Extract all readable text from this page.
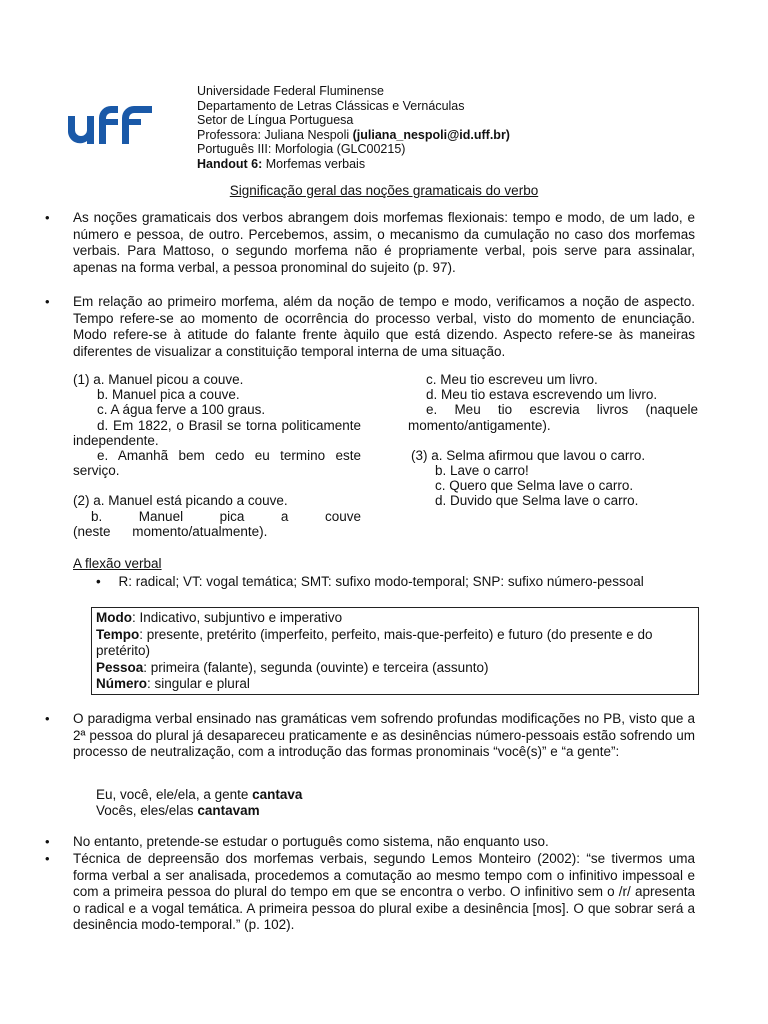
Universidade Federal Fluminense
Departamento de Letras Clássicas e Vernáculas
Setor de Língua Portuguesa
Professora: Juliana Nespoli (juliana_nespoli@id.uff.br)
Português III: Morfologia (GLC00215)
Handout 6: Morfemas verbais
Significação geral das noções gramaticais do verbo
• As noções gramaticais dos verbos abrangem dois morfemas flexionais: tempo e modo, de um lado, e número e pessoa, de outro. Percebemos, assim, o mecanismo da cumulação no caso dos morfemas verbais. Para Mattoso, o segundo morfema não é propriamente verbal, pois serve para assinalar, apenas na forma verbal, a pessoa pronominal do sujeito (p. 97).
• Em relação ao primeiro morfema, além da noção de tempo e modo, verificamos a noção de aspecto. Tempo refere-se ao momento de ocorrência do processo verbal, visto do momento de enunciação. Modo refere-se à atitude do falante frente àquilo que está dizendo. Aspecto refere-se às maneiras diferentes de visualizar a constituição temporal interna de uma situação.
(1) a. Manuel picou a couve.
b. Manuel pica a couve.
c. A água ferve a 100 graus.
d. Em 1822, o Brasil se torna politicamente independente.
e. Amanhã bem cedo eu termino este serviço.
(2) a. Manuel está picando a couve.
b. Manuel pica a couve (neste momento/atualmente).
c. Meu tio escreveu um livro.
d. Meu tio estava escrevendo um livro.
e. Meu tio escrevia livros (naquele momento/antigamente).
(3) a. Selma afirmou que lavou o carro.
b. Lave o carro!
c. Quero que Selma lave o carro.
d. Duvido que Selma lave o carro.
A flexão verbal
• R: radical; VT: vogal temática; SMT: sufixo modo-temporal; SNP: sufixo número-pessoal
Modo: Indicativo, subjuntivo e imperativo
Tempo: presente, pretérito (imperfeito, perfeito, mais-que-perfeito) e futuro (do presente e do pretérito)
Pessoa: primeira (falante), segunda (ouvinte) e terceira (assunto)
Número: singular e plural
• O paradigma verbal ensinado nas gramáticas vem sofrendo profundas modificações no PB, visto que a 2ª pessoa do plural já desapareceu praticamente e as desinências número-pessoais estão sofrendo um processo de neutralização, com a introdução das formas pronominais “você(s)” e “a gente”:
Eu, você, ele/ela, a gente cantava
Vocês, eles/elas cantavam
• No entanto, pretende-se estudar o português como sistema, não enquanto uso.
• Técnica de depreensão dos morfemas verbais, segundo Lemos Monteiro (2002): “se tivermos uma forma verbal a ser analisada, procedemos a comutação ao mesmo tempo com o infinitivo impessoal e com a primeira pessoa do plural do tempo em que se encontra o verbo. O infinitivo sem o /r/ apresenta o radical e a vogal temática. A primeira pessoa do plural exibe a desinência [mos]. O que sobrar será a desinência modo-temporal.” (p. 102).
